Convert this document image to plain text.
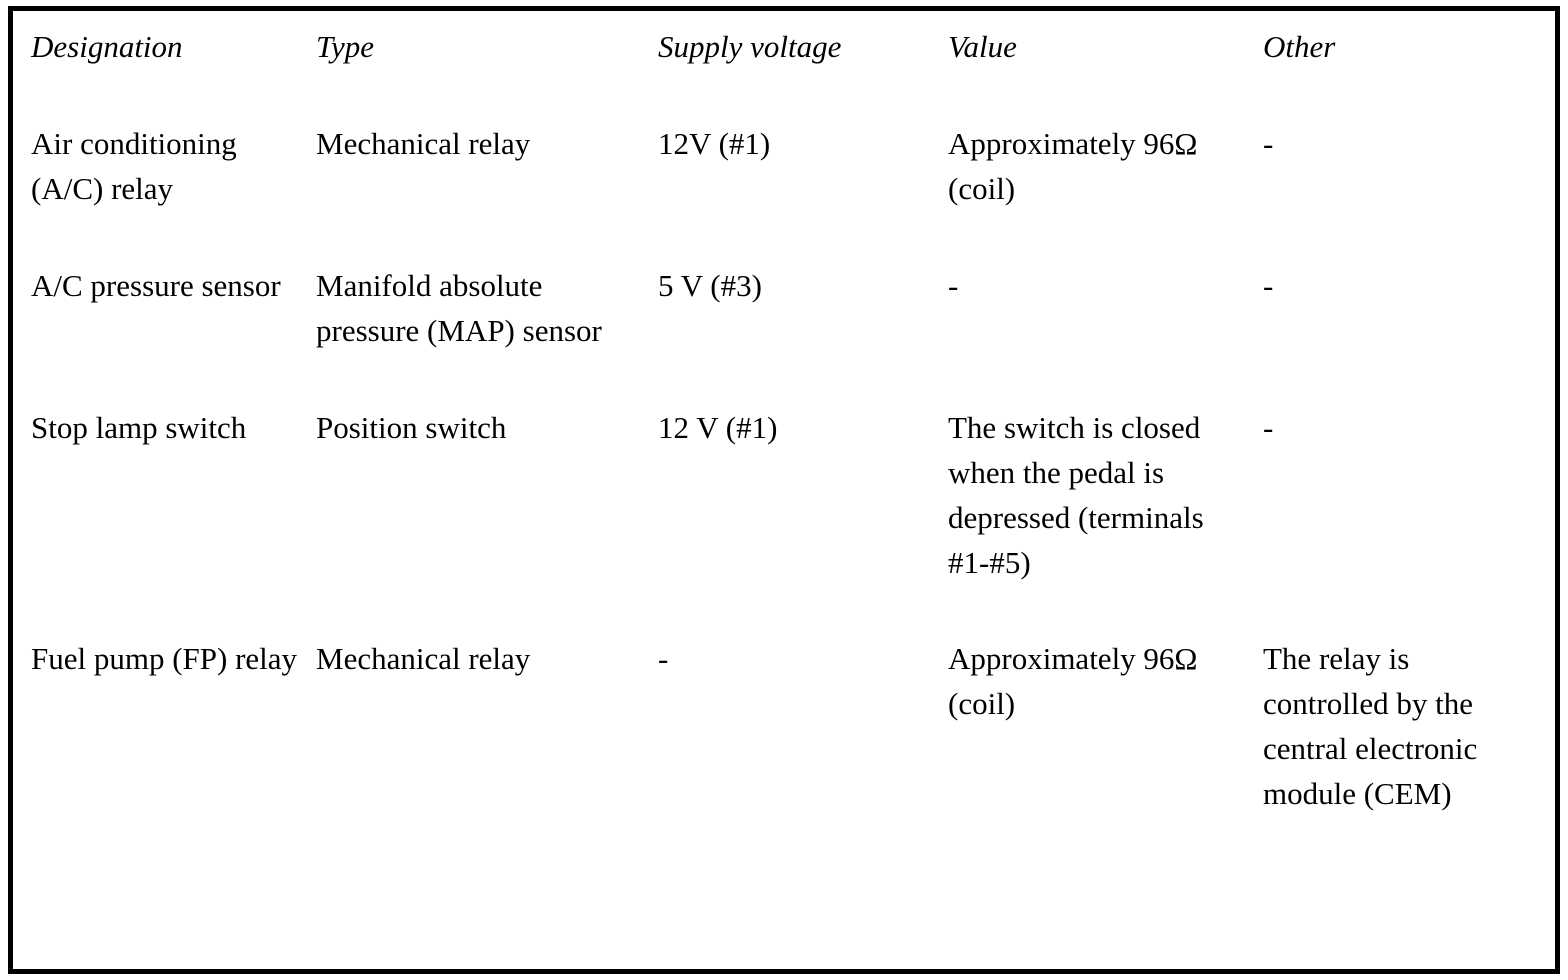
Designation	Type	Supply voltage	Value	Other
Air conditioning (A/C) relay	Mechanical relay	12V (#1)	Approximately 96Ω (coil)	-
A/C pressure sensor	Manifold absolute pressure (MAP) sensor	5 V (#3)	-	-
Stop lamp switch	Position switch	12 V (#1)	The switch is closed when the pedal is depressed (terminals #1-#5)	-
Fuel pump (FP) relay	Mechanical relay	-	Approximately 96Ω (coil)	The relay is controlled by the central electronic module (CEM)
